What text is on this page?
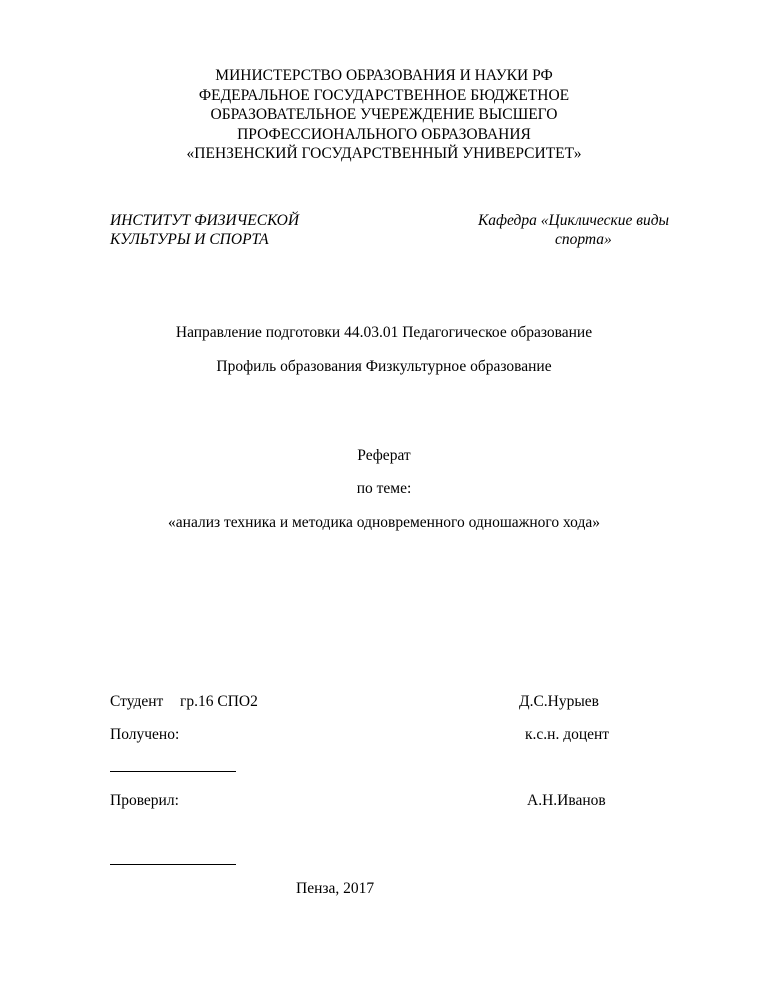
МИНИСТЕРСТВО ОБРАЗОВАНИЯ И НАУКИ РФ
ФЕДЕРАЛЬНОЕ ГОСУДАРСТВЕННОЕ БЮДЖЕТНОЕ
ОБРАЗОВАТЕЛЬНОЕ УЧЕРЕЖДЕНИЕ ВЫСШЕГО
ПРОФЕССИОНАЛЬНОГО ОБРАЗОВАНИЯ
«ПЕНЗЕНСКИЙ ГОСУДАРСТВЕННЫЙ УНИВЕРСИТЕТ»
ИНСТИТУТ ФИЗИЧЕСКОЙ
КУЛЬТУРЫ И СПОРТА
Кафедра «Циклические виды
спорта»
Направление подготовки 44.03.01 Педагогическое образование
Профиль образования Физкультурное образование
Реферат
по теме:
«анализ техника и методика одновременного одношажного хода»
Студент гр.16 СПО2	Д.С.Нурыев
Получено:	к.с.н. доцент
Проверил:	А.Н.Иванов
Пенза, 2017
